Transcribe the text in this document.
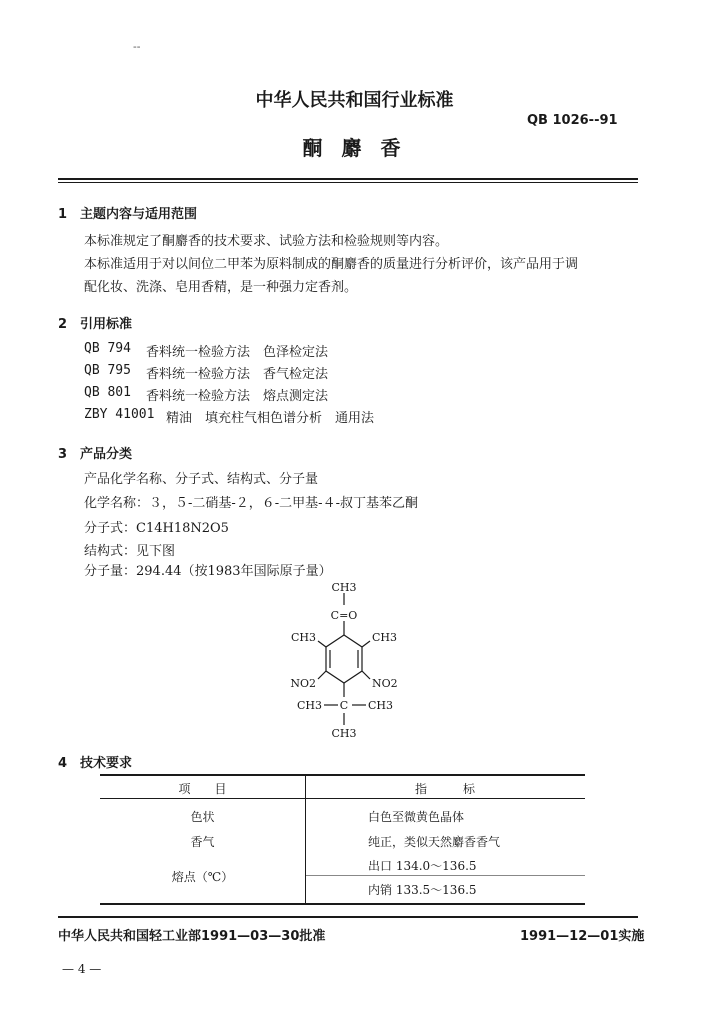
--
中华人民共和国行业标准
QB 1026--91
酮 麝 香
1　主题内容与适用范围
本标准规定了酮麝香的技术要求、试验方法和检验规则等内容。
本标准适用于对以间位二甲苯为原料制成的酮麝香的质量进行分析评价，该产品用于调
配化妆、洗涤、皂用香精，是一种强力定香剂。
2　引用标准
QB 794 香料统一检验方法　色泽检定法
QB 795 香料统一检验方法　香气检定法
QB 801 香料统一检验方法　熔点测定法
ZBY 41001 精油　填充柱气相色谱分析　通用法
3　产品分类
产品化学名称、分子式、结构式、分子量
化学名称：３，５-二硝基-２，６-二甲基-４-叔丁基苯乙酮
分子式：C14H18N2O5
结构式：见下图
分子量：294.44（按1983年国际原子量）
CH3
C=O
CH3	CH3
NO2	NO2
CH3 C CH3
CH3
4　技术要求
项　　目	指　　　标
色状	白色至微黄色晶体
香气	纯正，类似天然麝香香气
熔点（℃）
出口 134.0～136.5
内销 133.5～136.5
中华人民共和国轻工业部1991—03—30批准	1991—12—01实施
— 4 —
